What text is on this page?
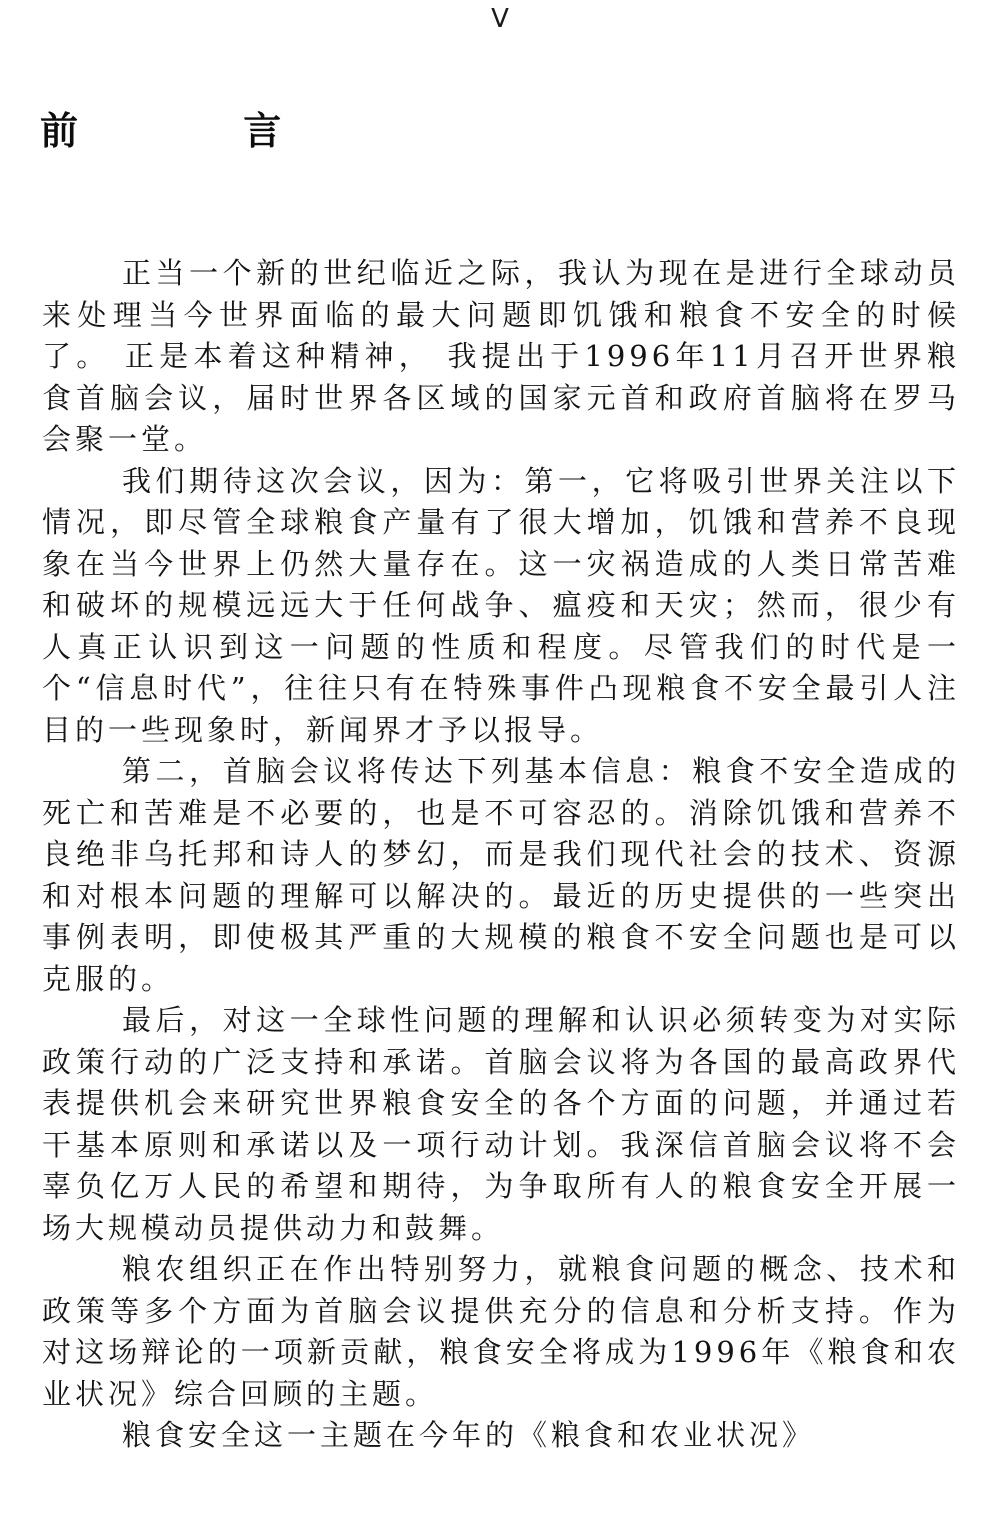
V
前 言

正当一个新的世纪临近之际，我认为现在是进行全球动员来处理当今世界面临的最大问题即饥饿和粮食不安全的时候了。 正是本着这种精神， 我提出于1996年11月召开世界粮食首脑会议，届时世界各区域的国家元首和政府首脑将在罗马会聚一堂。

我们期待这次会议，因为：第一，它将吸引世界关注以下情况，即尽管全球粮食产量有了很大增加，饥饿和营养不良现象在当今世界上仍然大量存在。这一灾祸造成的人类日常苦难和破坏的规模远远大于任何战争、瘟疫和天灾；然而，很少有人真正认识到这一问题的性质和程度。尽管我们的时代是一个“信息时代”，往往只有在特殊事件凸现粮食不安全最引人注目的一些现象时，新闻界才予以报导。

第二，首脑会议将传达下列基本信息：粮食不安全造成的死亡和苦难是不必要的，也是不可容忍的。消除饥饿和营养不良绝非乌托邦和诗人的梦幻，而是我们现代社会的技术、资源和对根本问题的理解可以解决的。最近的历史提供的一些突出事例表明，即使极其严重的大规模的粮食不安全问题也是可以克服的。

最后，对这一全球性问题的理解和认识必须转变为对实际政策行动的广泛支持和承诺。首脑会议将为各国的最高政界代表提供机会来研究世界粮食安全的各个方面的问题，并通过若干基本原则和承诺以及一项行动计划。我深信首脑会议将不会辜负亿万人民的希望和期待，为争取所有人的粮食安全开展一场大规模动员提供动力和鼓舞。

粮农组织正在作出特别努力，就粮食问题的概念、技术和政策等多个方面为首脑会议提供充分的信息和分析支持。作为对这场辩论的一项新贡献，粮食安全将成为1996年《粮食和农业状况》综合回顾的主题。

粮食安全这一主题在今年的《粮食和农业状况》
